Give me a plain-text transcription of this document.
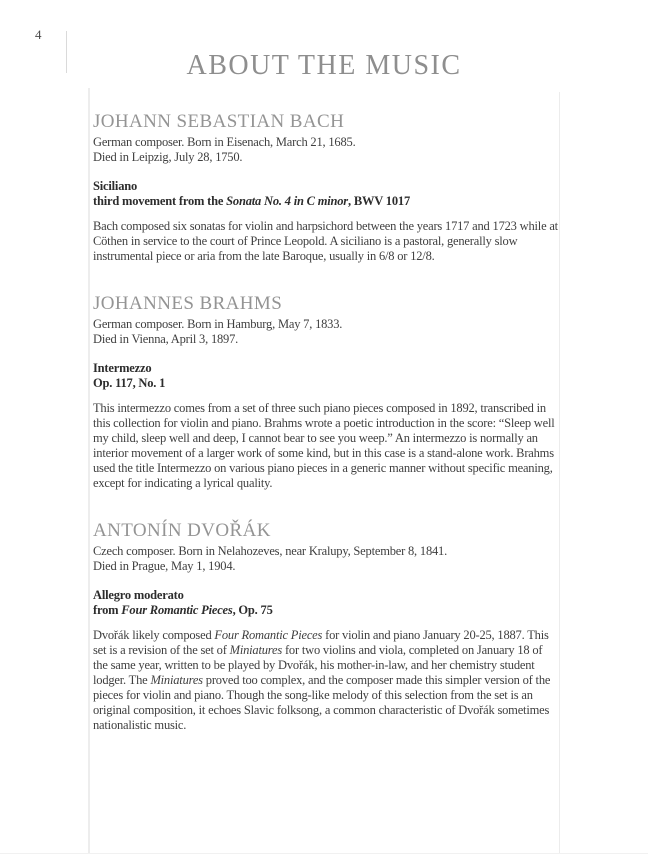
4
ABOUT THE MUSIC
JOHANN SEBASTIAN BACH

German composer. Born in Eisenach, March 21, 1685.
Died in Leipzig, July 28, 1750.

Siciliano
third movement from the Sonata No. 4 in C minor, BWV 1017

Bach composed six sonatas for violin and harpsichord between the years 1717 and 1723 while at Cöthen in service to the court of Prince Leopold. A siciliano is a pastoral, generally slow instrumental piece or aria from the late Baroque, usually in 6/8 or 12/8.

JOHANNES BRAHMS

German composer. Born in Hamburg, May 7, 1833.
Died in Vienna, April 3, 1897.

Intermezzo
Op. 117, No. 1

This intermezzo comes from a set of three such piano pieces composed in 1892, transcribed in this collection for violin and piano. Brahms wrote a poetic introduction in the score: “Sleep well my child, sleep well and deep, I cannot bear to see you weep.” An intermezzo is normally an interior movement of a larger work of some kind, but in this case is a stand-alone work. Brahms used the title Intermezzo on various piano pieces in a generic manner without specific meaning, except for indicating a lyrical quality.

ANTONÍN DVOŘÁK

Czech composer. Born in Nelahozeves, near Kralupy, September 8, 1841.
Died in Prague, May 1, 1904.

Allegro moderato
from Four Romantic Pieces, Op. 75

Dvořák likely composed Four Romantic Pieces for violin and piano January 20-25, 1887. This set is a revision of the set of Miniatures for two violins and viola, completed on January 18 of the same year, written to be played by Dvořák, his mother-in-law, and her chemistry student lodger. The Miniatures proved too complex, and the composer made this simpler version of the pieces for violin and piano. Though the song-like melody of this selection from the set is an original composition, it echoes Slavic folksong, a common characteristic of Dvořák sometimes nationalistic music.
